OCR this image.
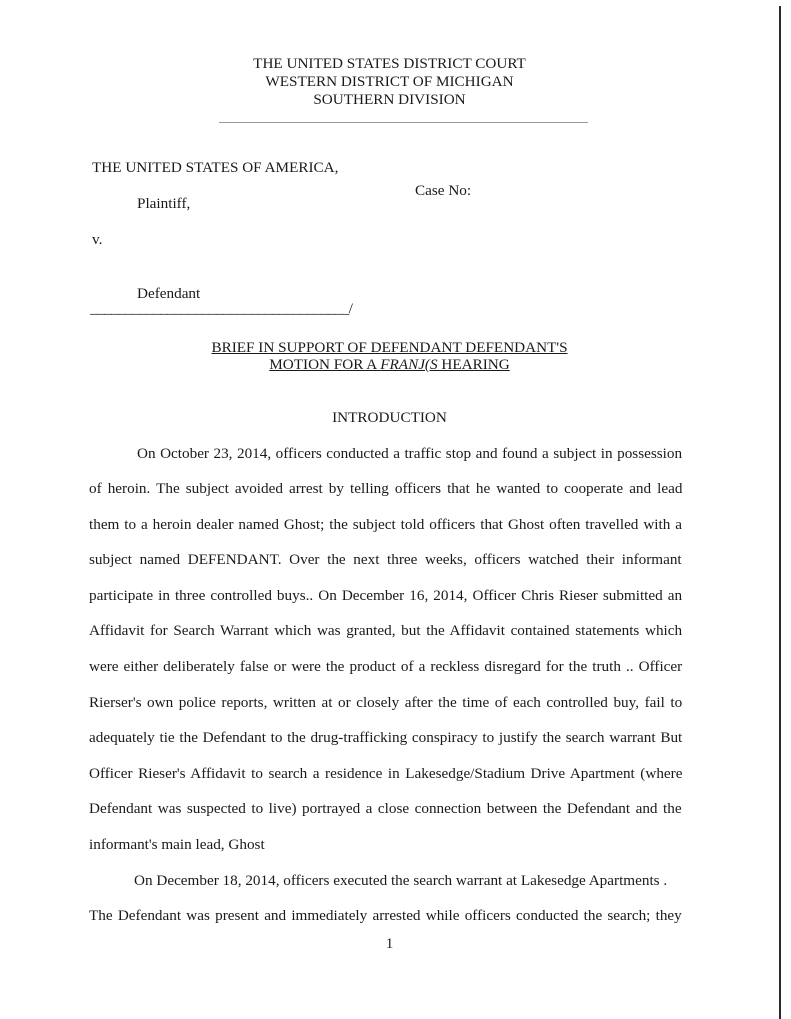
THE UNITED STATES DISTRICT COURT
WESTERN DISTRICT OF MICHIGAN
SOUTHERN DIVISION
THE UNITED STATES OF AMERICA,
Case No:
Plaintiff,
v.
Defendant
_____________________________________/
BRIEF IN SUPPORT OF DEFENDANT DEFENDANT'S
MOTION FOR A FRANJ(S HEARING
INTRODUCTION
On October 23, 2014, officers conducted a traffic stop and found a subject in possession
of heroin. The subject avoided arrest by telling officers that he wanted to cooperate and lead
them to a heroin dealer named Ghost; the subject told officers that Ghost often travelled with a
subject named DEFENDANT. Over the next three weeks, officers watched their informant
participate in three controlled buys.. On December 16, 2014, Officer Chris Rieser submitted an
Affidavit for Search Warrant which was granted, but the Affidavit contained statements which
were either deliberately false or were the product of a reckless disregard for the truth .. Officer
Rierser's own police reports, written at or closely after the time of each controlled buy, fail to
adequately tie the Defendant to the drug-trafficking conspiracy to justify the search warrant But
Officer Rieser's Affidavit to search a residence in Lakesedge/Stadium Drive Apartment (where
Defendant was suspected to live) portrayed a close connection between the Defendant and the
informant's main lead, Ghost
On December 18, 2014, officers executed the search warrant at Lakesedge Apartments .
The Defendant was present and immediately arrested while officers conducted the search; they
1
